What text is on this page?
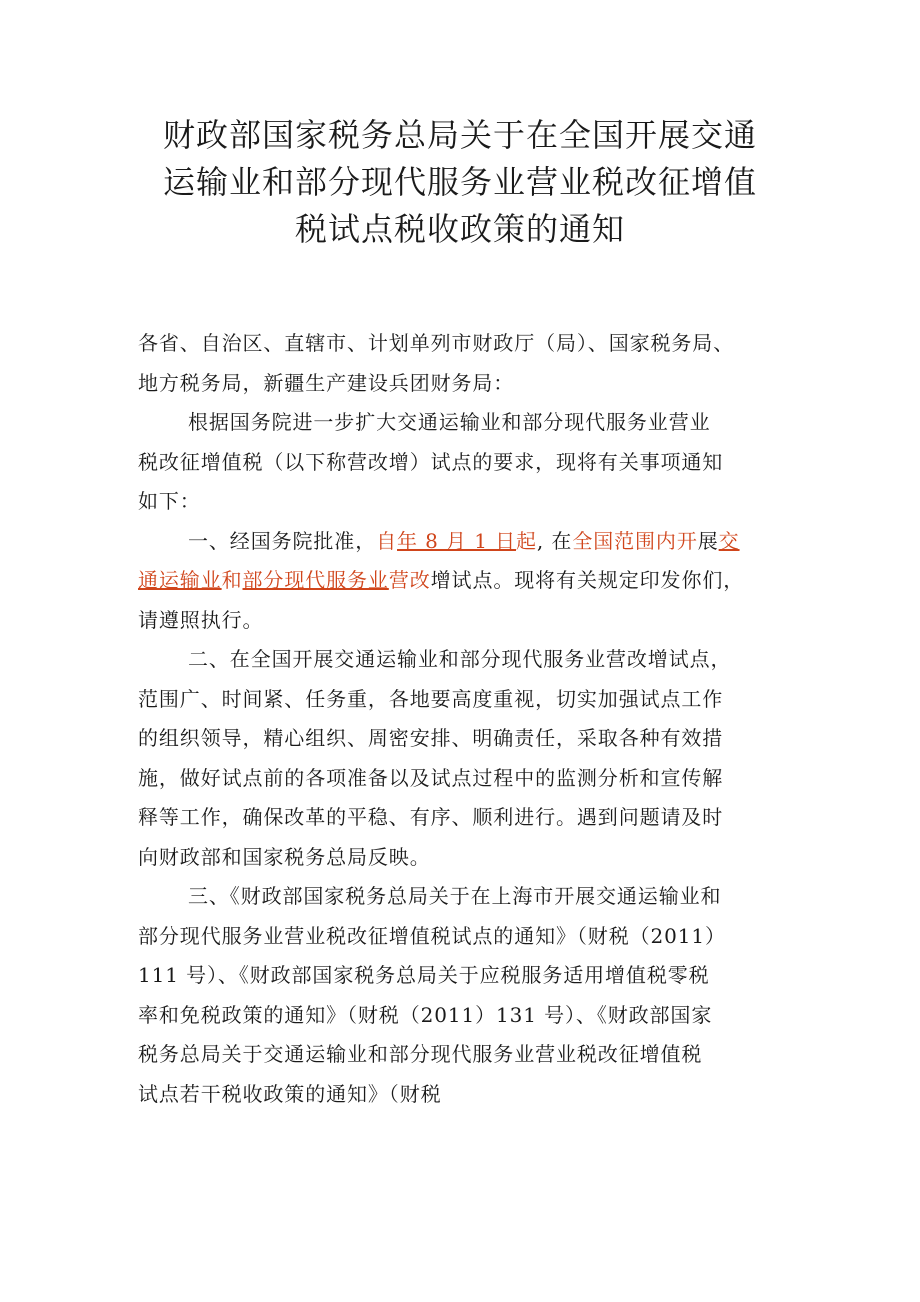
财政部国家税务总局关于在全国开展交通
运输业和部分现代服务业营业税改征增值
税试点税收政策的通知
各省、自治区、直辖市、计划单列市财政厅（局）、国家税务局、
地方税务局，新疆生产建设兵团财务局：
根据国务院进一步扩大交通运输业和部分现代服务业营业
税改征增值税（以下称营改增）试点的要求，现将有关事项通知
如下：
一、经国务院批准，自年 8 月 1 日起, 在全国范围内开展交
通运输业和部分现代服务业营改增试点。现将有关规定印发你们，
请遵照执行。
二、在全国开展交通运输业和部分现代服务业营改增试点，
范围广、时间紧、任务重，各地要高度重视，切实加强试点工作
的组织领导，精心组织、周密安排、明确责任，采取各种有效措
施，做好试点前的各项准备以及试点过程中的监测分析和宣传解
释等工作，确保改革的平稳、有序、顺利进行。遇到问题请及时
向财政部和国家税务总局反映。
三、《财政部国家税务总局关于在上海市开展交通运输业和
部分现代服务业营业税改征增值税试点的通知》（财税（2011）
111 号）、《财政部国家税务总局关于应税服务适用增值税零税
率和免税政策的通知》（财税（2011）131 号）、《财政部国家
税务总局关于交通运输业和部分现代服务业营业税改征增值税
试点若干税收政策的通知》（财税
